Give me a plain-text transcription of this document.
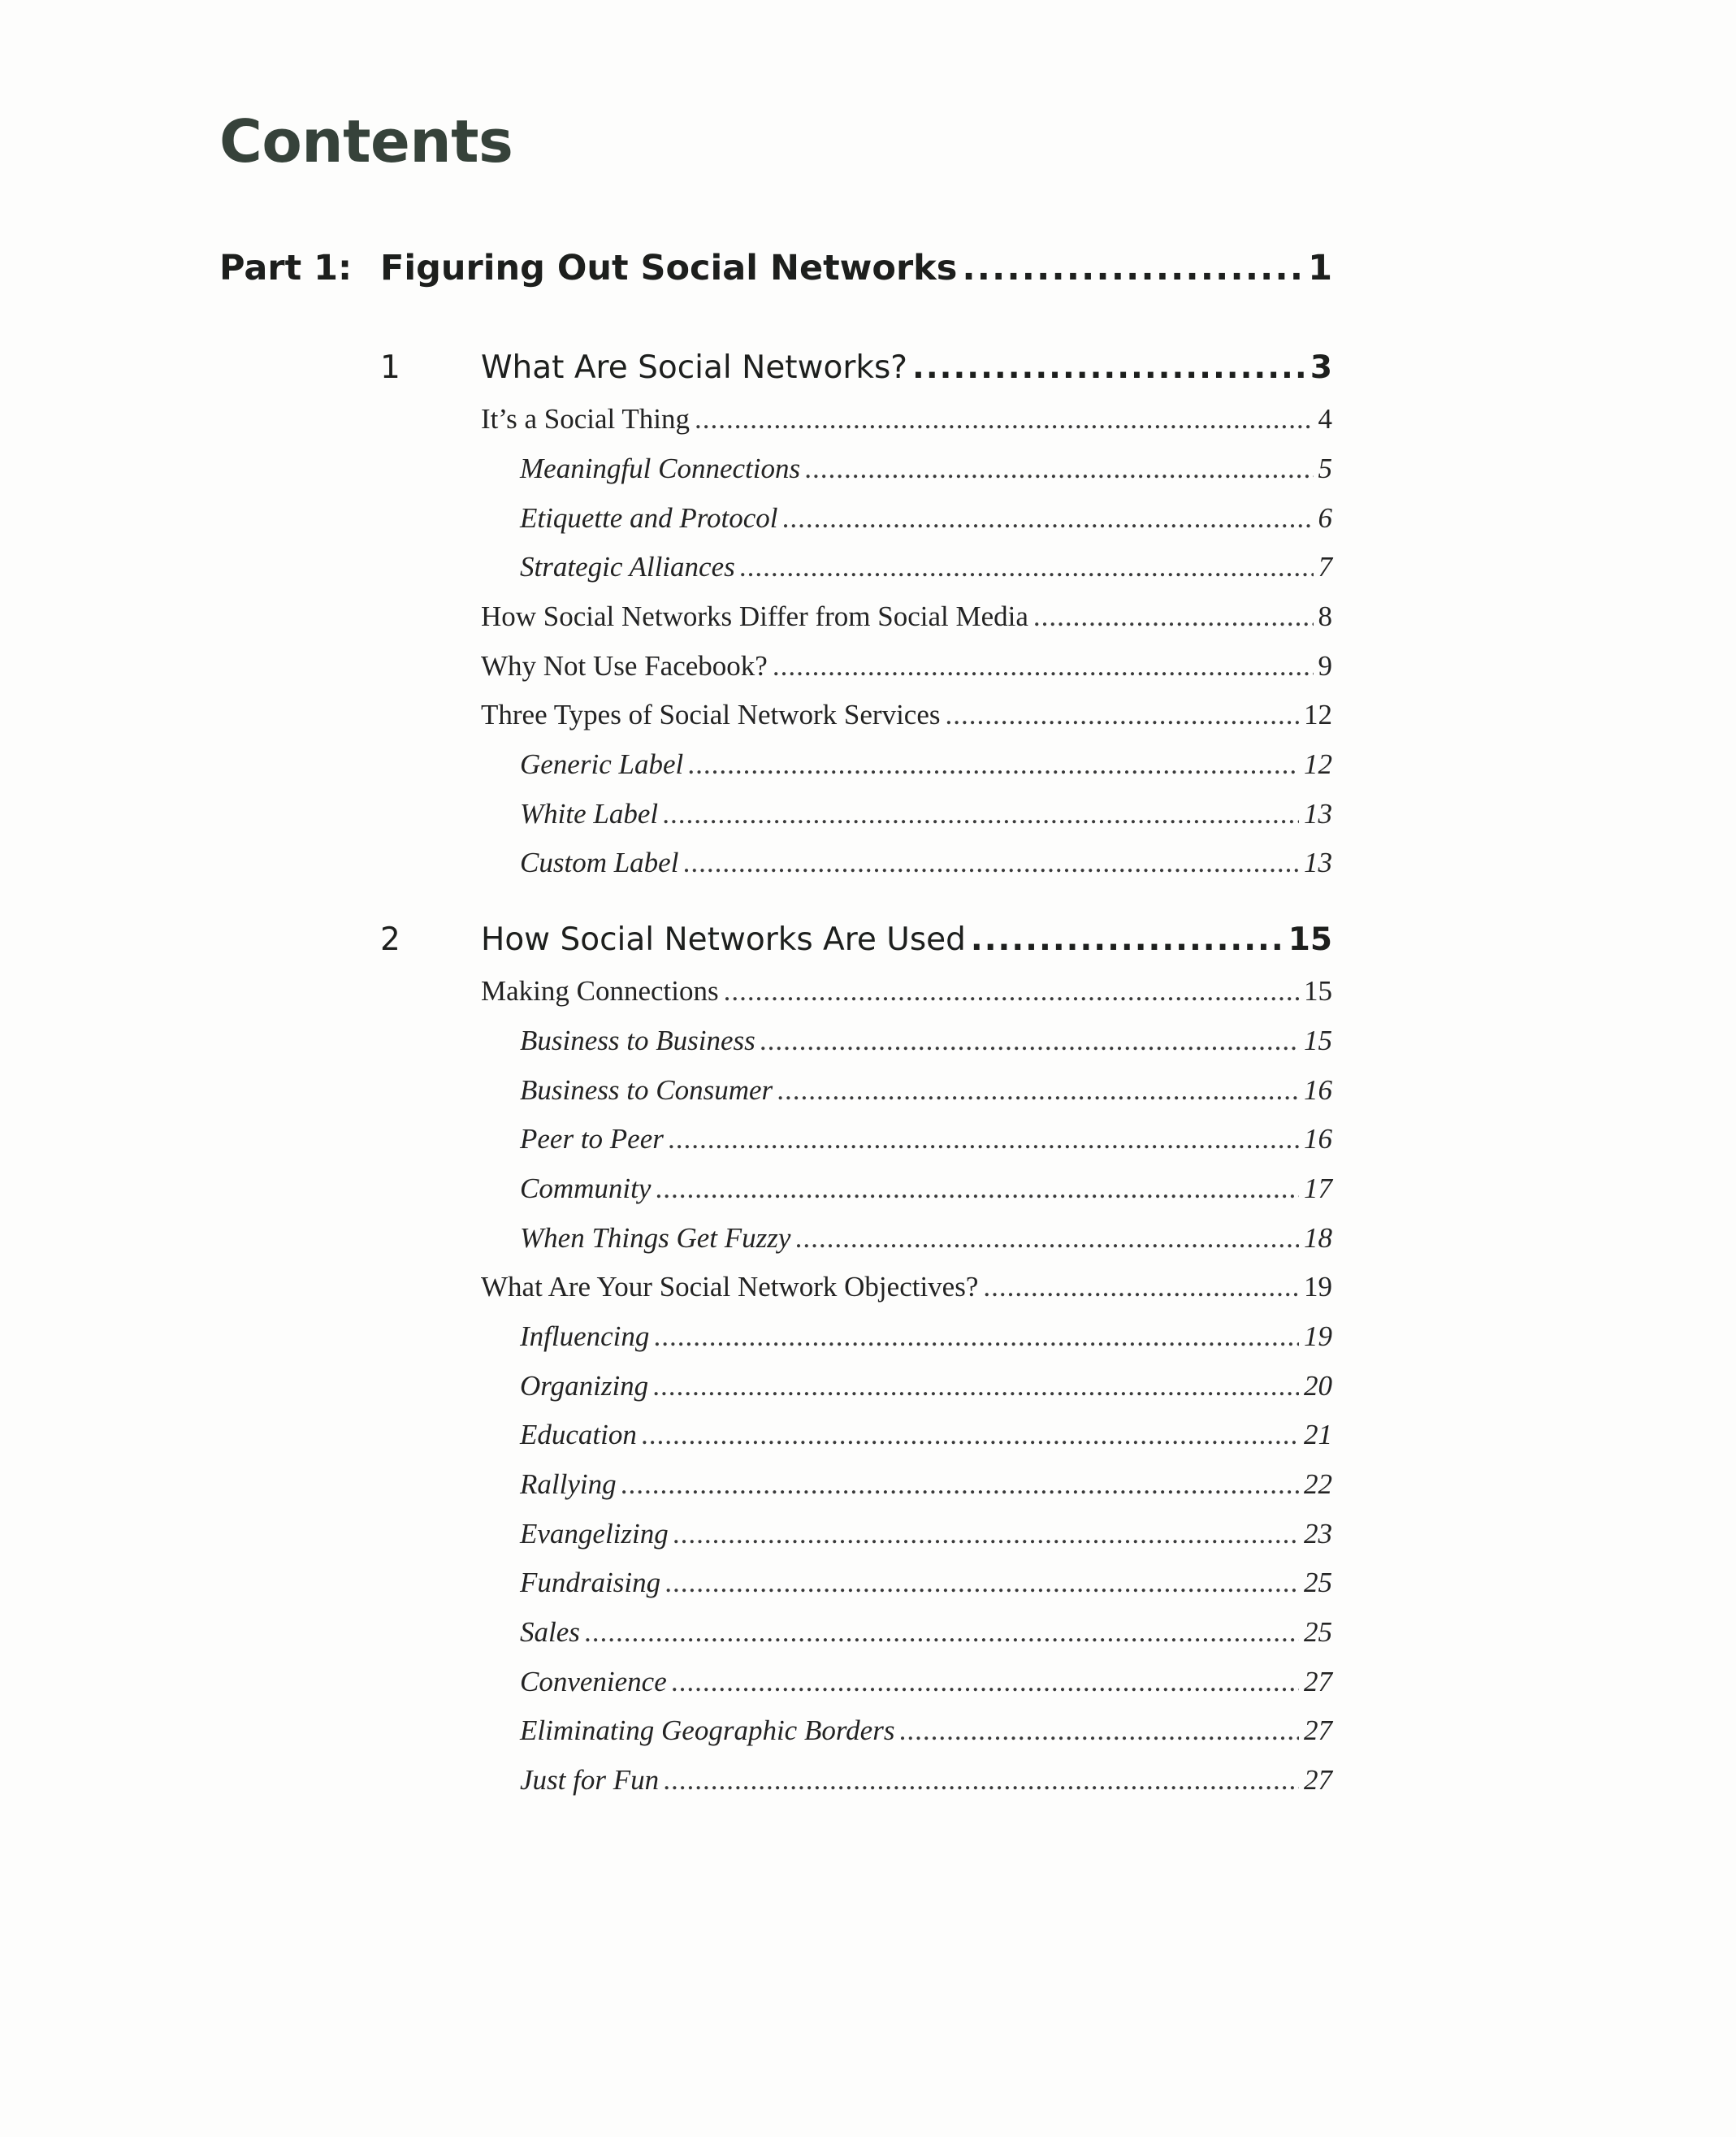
Contents
Part 1: Figuring Out Social Networks .....	1
1	What Are Social Networks? .....	3
It’s a Social Thing .....	4
Meaningful Connections .....	5
Etiquette and Protocol .....	6
Strategic Alliances .....	7
How Social Networks Differ from Social Media .....	8
Why Not Use Facebook? .....	9
Three Types of Social Network Services .....	12
Generic Label .....	12
White Label .....	13
Custom Label .....	13
2	How Social Networks Are Used .....	15
Making Connections .....	15
Business to Business .....	15
Business to Consumer .....	16
Peer to Peer .....	16
Community .....	17
When Things Get Fuzzy .....	18
What Are Your Social Network Objectives? .....	19
Influencing .....	19
Organizing .....	20
Education .....	21
Rallying .....	22
Evangelizing .....	23
Fundraising .....	25
Sales .....	25
Convenience .....	27
Eliminating Geographic Borders .....	27
Just for Fun .....	27
